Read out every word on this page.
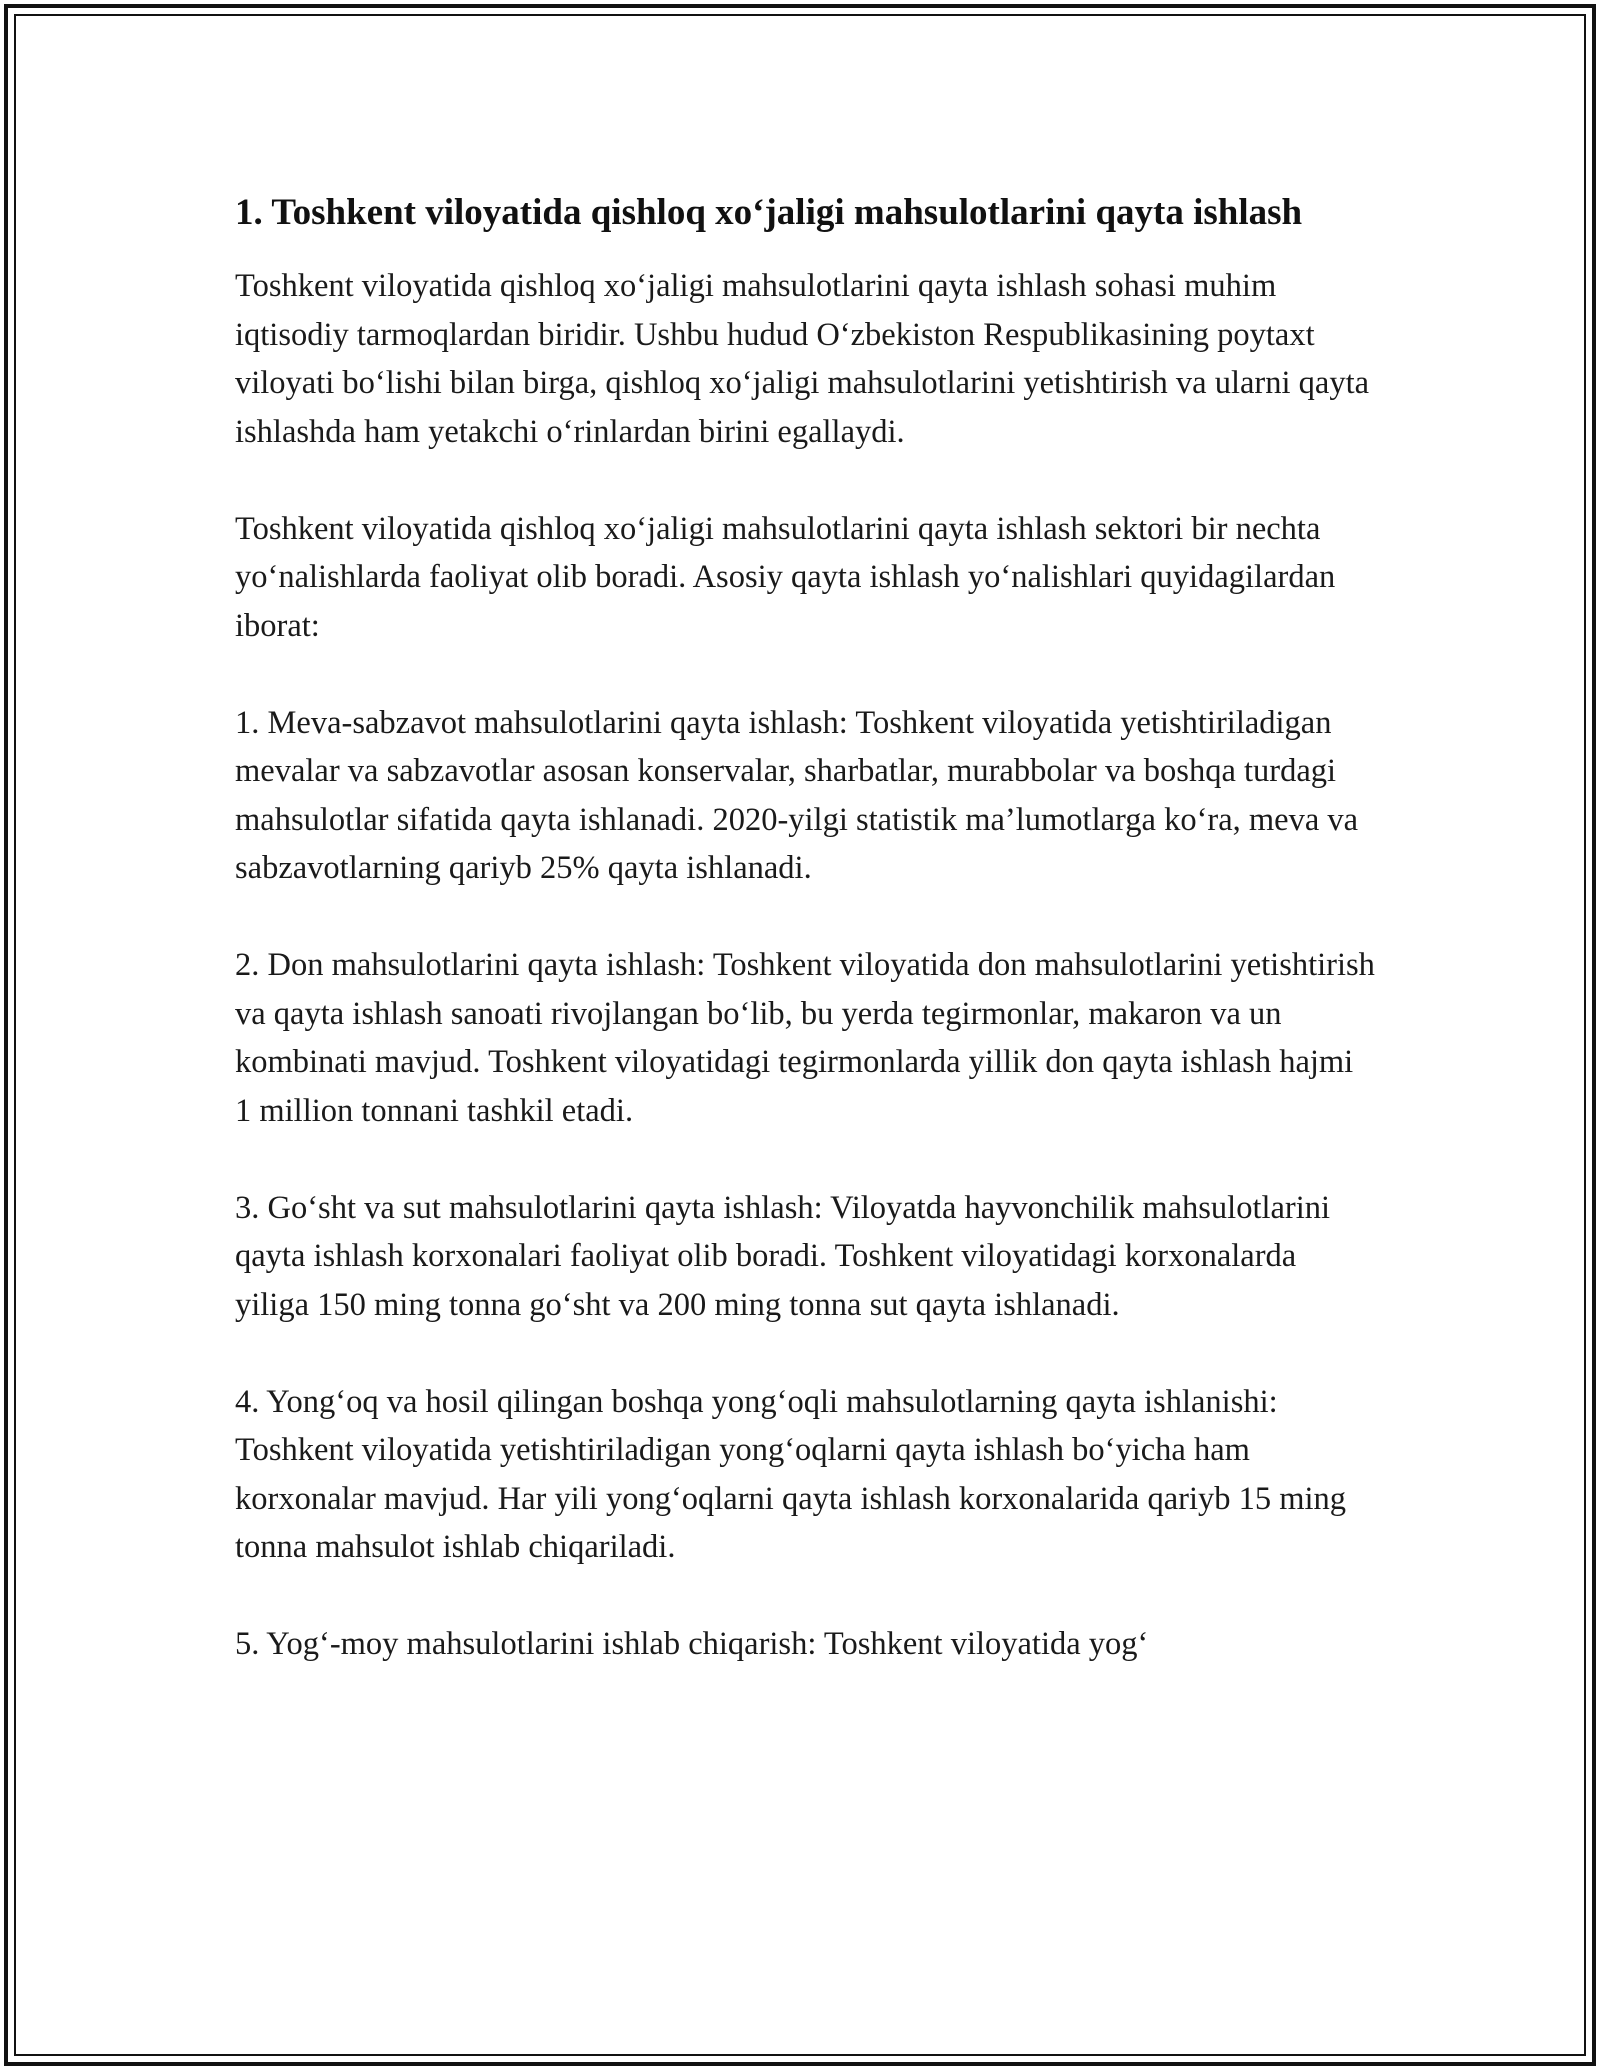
1. Toshkent viloyatida qishloq xo‘jaligi mahsulotlarini qayta ishlash

Toshkent viloyatida qishloq xo‘jaligi mahsulotlarini qayta ishlash sohasi muhim iqtisodiy tarmoqlardan biridir. Ushbu hudud O‘zbekiston Respublikasining poytaxt viloyati bo‘lishi bilan birga, qishloq xo‘jaligi mahsulotlarini yetishtirish va ularni qayta ishlashda ham yetakchi o‘rinlardan birini egallaydi.

Toshkent viloyatida qishloq xo‘jaligi mahsulotlarini qayta ishlash sektori bir nechta yo‘nalishlarda faoliyat olib boradi. Asosiy qayta ishlash yo‘nalishlari quyidagilardan iborat:

1. Meva-sabzavot mahsulotlarini qayta ishlash: Toshkent viloyatida yetishtiriladigan mevalar va sabzavotlar asosan konservalar, sharbatlar, murabbolar va boshqa turdagi mahsulotlar sifatida qayta ishlanadi. 2020-yilgi statistik ma’lumotlarga ko‘ra, meva va sabzavotlarning qariyb 25% qayta ishlanadi.

2. Don mahsulotlarini qayta ishlash: Toshkent viloyatida don mahsulotlarini yetishtirish va qayta ishlash sanoati rivojlangan bo‘lib, bu yerda tegirmonlar, makaron va un kombinati mavjud. Toshkent viloyatidagi tegirmonlarda yillik don qayta ishlash hajmi 1 million tonnani tashkil etadi.

3. Go‘sht va sut mahsulotlarini qayta ishlash: Viloyatda hayvonchilik mahsulotlarini qayta ishlash korxonalari faoliyat olib boradi. Toshkent viloyatidagi korxonalarda yiliga 150 ming tonna go‘sht va 200 ming tonna sut qayta ishlanadi.

4. Yong‘oq va hosil qilingan boshqa yong‘oqli mahsulotlarning qayta ishlanishi: Toshkent viloyatida yetishtiriladigan yong‘oqlarni qayta ishlash bo‘yicha ham korxonalar mavjud. Har yili yong‘oqlarni qayta ishlash korxonalarida qariyb 15 ming tonna mahsulot ishlab chiqariladi.

5. Yog‘-moy mahsulotlarini ishlab chiqarish: Toshkent viloyatida yog‘
